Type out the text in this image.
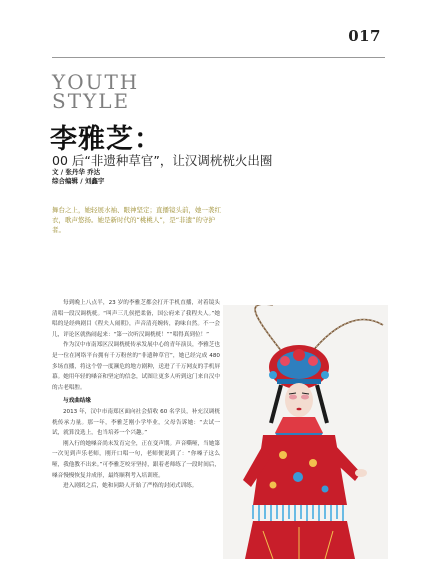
017
YOUTH
STYLE
李雅芝：
00 后“非遗种草官”，让汉调桄桄火出圈
文 / 张丹华 乔达
综合编辑 / 刘鑫宇
舞台之上，她轻展水袖、眼神坚定；直播镜头前，她一袭红衣，歌声悠扬。她是新时代的“桃桃人”，是“非遗”的守护者。

每到晚上八点半，23 岁的李雅芝都会打开手机直播，对着镜头清唱一段汉调桄桄。“叫声三儿侯把柔备，国公府来了我程夫人。”她唱的是经典剧目《程夫人闹朝》，声音清亮婉转，韵味自然。不一会儿，评论区就热闹起来：“第一次听汉调桄桄！”“唱得真到位！”

作为汉中市南郑区汉调桄桄传承发展中心的青年演员，李雅芝也是一位在网络平台拥有千万粉丝的“非遗种草官”，她已经完成 480 多场直播，将这个曾一度濒危的地方剧种，送进了千万网友的手机屏幕。她用年轻的嗓音和坚定的信念，试图让更多人听到这门来自汉中的古老唱腔。

与戏曲结缘

2013 年，汉中市南郑区面向社会招收 60 名学员，补充汉调桄桄传承力量。那一年，李雅芝刚小学毕业，父母告诉她：“去试一试，就算没选上，也当培养一个兴趣。”

刚入行的她嗓音尚未发育完全，正在变声期。声音嘶哑，当她第一次见到声乐老师，刚开口唱一句，老师便说到了：“你嗓子这么哑，我他教不出来。”可李雅芝咬牙坚持，跟着老师练了一段时间后，嗓音慢慢恢复并成形，最终顺利考入培训班。

进入剧团之后，她和同龄人开始了严格的封闭式训练。
